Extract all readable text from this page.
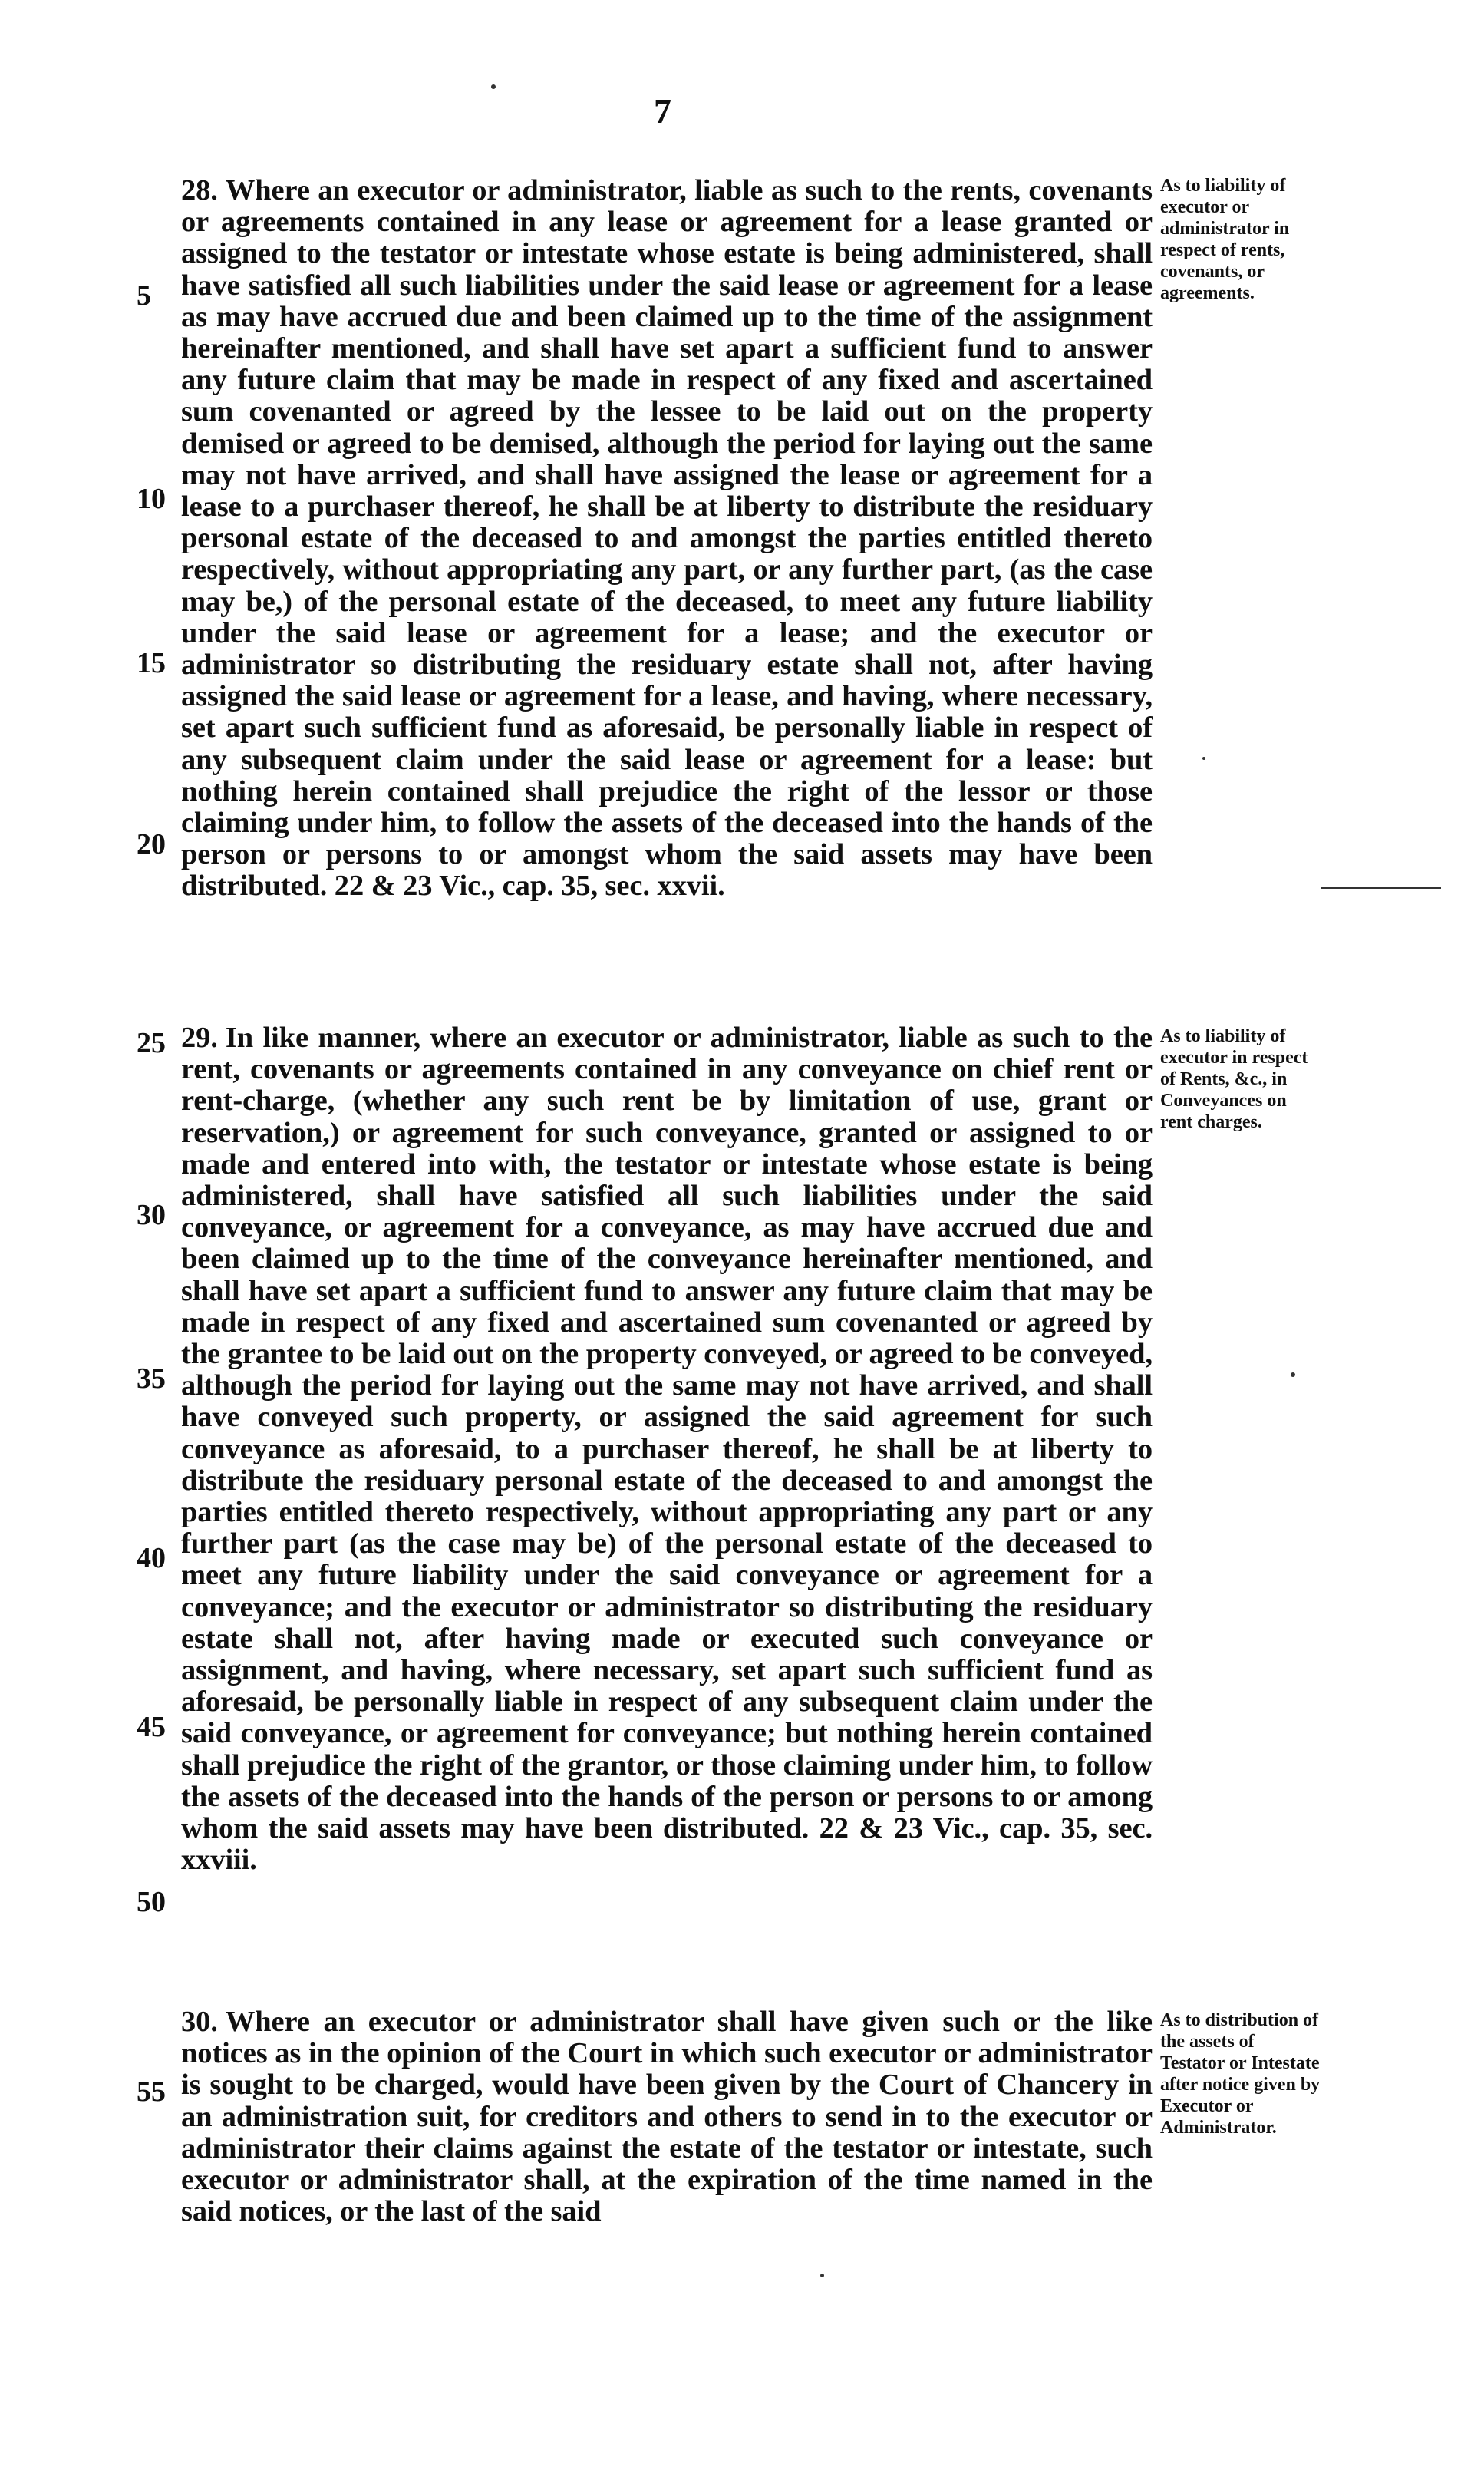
7
28. Where an executor or administrator, liable as such to the rents, covenants or agreements contained in any lease or agreement for a lease granted or assigned to the testator or intestate whose estate is being administered, shall have satisfied all such liabilities under the said lease or agreement for a lease as may have accrued due and been claimed up to the time of the assignment hereinafter mentioned, and shall have set apart a sufficient fund to answer any future claim that may be made in respect of any fixed and ascertained sum covenanted or agreed by the lessee to be laid out on the property demised or agreed to be demised, although the period for laying out the same may not have arrived, and shall have assigned the lease or agreement for a lease to a purchaser thereof, he shall be at liberty to distribute the residuary personal estate of the deceased to and amongst the parties entitled thereto respectively, without appropriating any part, or any further part, (as the case may be,) of the personal estate of the deceased, to meet any future liability under the said lease or agreement for a lease; and the executor or administrator so distributing the residuary estate shall not, after having assigned the said lease or agreement for a lease, and having, where necessary, set apart such sufficient fund as aforesaid, be personally liable in respect of any subsequent claim under the said lease or agreement for a lease: but nothing herein contained shall prejudice the right of the lessor or those claiming under him, to follow the assets of the deceased into the hands of the person or persons to or amongst whom the said assets may have been distributed. 22 & 23 Vic., cap. 35, sec. xxvii.
As to liability of executor or administrator in respect of rents, covenants, or agreements.
29. In like manner, where an executor or administrator, liable as such to the rent, covenants or agreements contained in any conveyance on chief rent or rent-charge, (whether any such rent be by limitation of use, grant or reservation,) or agreement for such conveyance, granted or assigned to or made and entered into with, the testator or intestate whose estate is being administered, shall have satisfied all such liabilities under the said conveyance, or agreement for a conveyance, as may have accrued due and been claimed up to the time of the conveyance hereinafter mentioned, and shall have set apart a sufficient fund to answer any future claim that may be made in respect of any fixed and ascertained sum covenanted or agreed by the grantee to be laid out on the property conveyed, or agreed to be conveyed, although the period for laying out the same may not have arrived, and shall have conveyed such property, or assigned the said agreement for such conveyance as aforesaid, to a purchaser thereof, he shall be at liberty to distribute the residuary personal estate of the deceased to and amongst the parties entitled thereto respectively, without appropriating any part or any further part (as the case may be) of the personal estate of the deceased to meet any future liability under the said conveyance or agreement for a conveyance; and the executor or administrator so distributing the residuary estate shall not, after having made or executed such conveyance or assignment, and having, where necessary, set apart such sufficient fund as aforesaid, be personally liable in respect of any subsequent claim under the said conveyance, or agreement for conveyance; but nothing herein contained shall prejudice the right of the grantor, or those claiming under him, to follow the assets of the deceased into the hands of the person or persons to or among whom the said assets may have been distributed. 22 & 23 Vic., cap. 35, sec. xxviii.
As to liability of executor in respect of Rents, &c., in Conveyances on rent charges.
30. Where an executor or administrator shall have given such or the like notices as in the opinion of the Court in which such executor or administrator is sought to be charged, would have been given by the Court of Chancery in an administration suit, for creditors and others to send in to the executor or administrator their claims against the estate of the testator or intestate, such executor or administrator shall, at the expiration of the time named in the said notices, or the last of the said
As to distribution of the assets of Testator or Intestate after notice given by Executor or Administrator.
5
10
15
20
25
30
35
40
45
50
55
